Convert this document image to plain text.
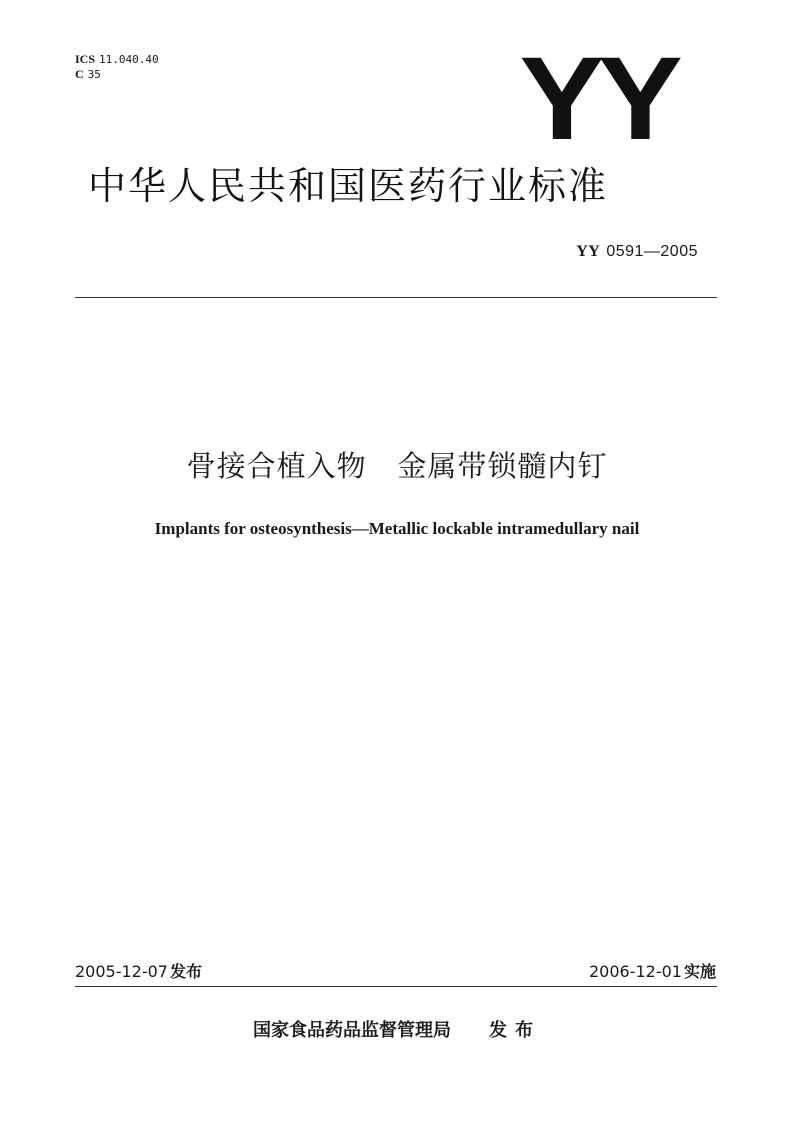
ICS 11.040.40
C 35	YY
中华人民共和国医药行业标准
YY 0591—2005
骨接合植入物   金属带锁髓内钉
Implants for osteosynthesis—Metallic lockable intramedullary nail
2005-12-07 发布	2006-12-01 实施
国家食品药品监督管理局 发布
